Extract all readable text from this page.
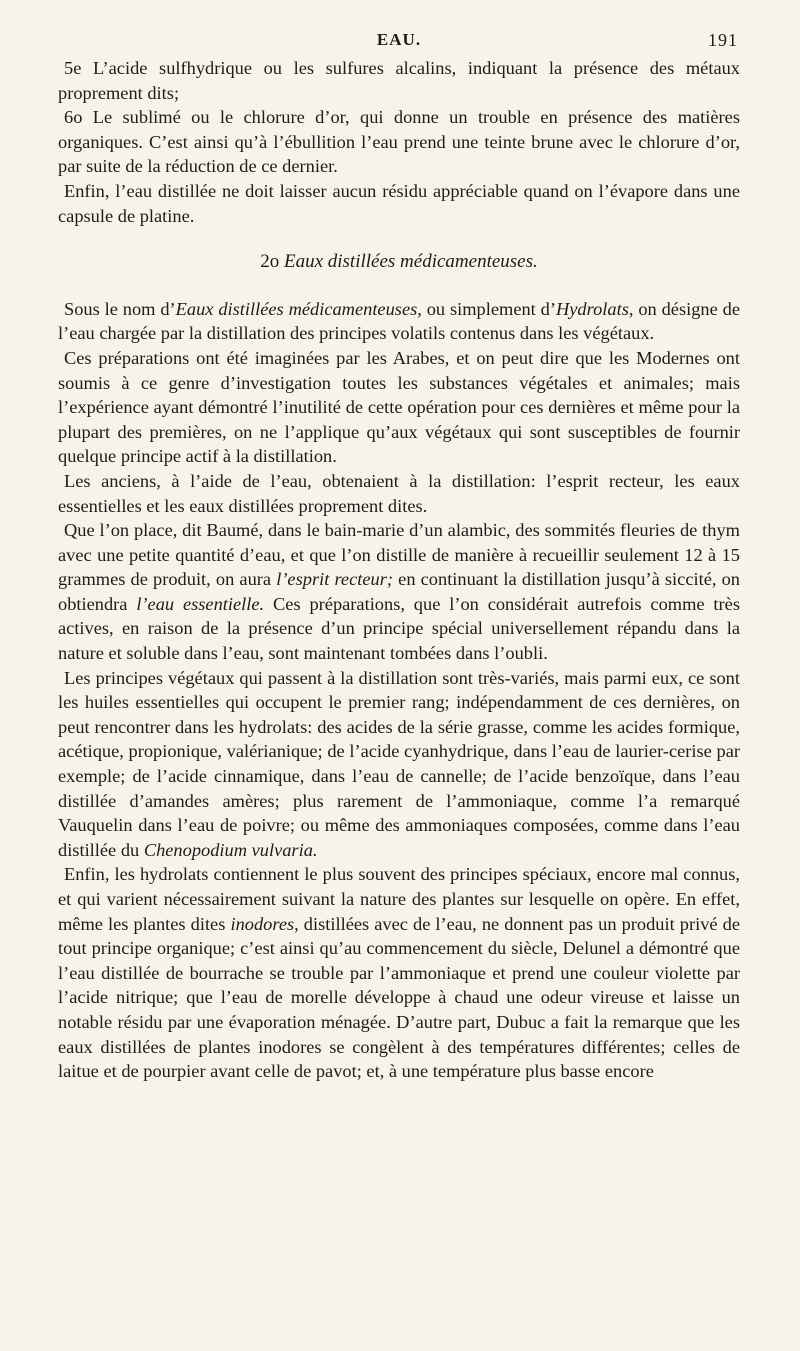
EAU.	191

5e L’acide sulfhydrique ou les sulfures alcalins, indiquant la présence des métaux proprement dits;

6o Le sublimé ou le chlorure d’or, qui donne un trouble en présence des matières organiques. C’est ainsi qu’à l’ébullition l’eau prend une teinte brune avec le chlorure d’or, par suite de la réduction de ce dernier.

Enfin, l’eau distillée ne doit laisser aucun résidu appréciable quand on l’évapore dans une capsule de platine.

2o Eaux distillées médicamenteuses.

Sous le nom d’Eaux distillées médicamenteuses, ou simplement d’Hydrolats, on désigne de l’eau chargée par la distillation des principes volatils contenus dans les végétaux.

Ces préparations ont été imaginées par les Arabes, et on peut dire que les Modernes ont soumis à ce genre d’investigation toutes les substances végétales et animales; mais l’expérience ayant démontré l’inutilité de cette opération pour ces dernières et même pour la plupart des premières, on ne l’applique qu’aux végétaux qui sont susceptibles de fournir quelque principe actif à la distillation.

Les anciens, à l’aide de l’eau, obtenaient à la distillation: l’esprit recteur, les eaux essentielles et les eaux distillées proprement dites.

Que l’on place, dit Baumé, dans le bain-marie d’un alambic, des sommités fleuries de thym avec une petite quantité d’eau, et que l’on distille de manière à recueillir seulement 12 à 15 grammes de produit, on aura l’esprit recteur; en continuant la distillation jusqu’à siccité, on obtiendra l’eau essentielle. Ces préparations, que l’on considérait autrefois comme très actives, en raison de la présence d’un principe spécial universellement répandu dans la nature et soluble dans l’eau, sont maintenant tombées dans l’oubli.

Les principes végétaux qui passent à la distillation sont très-variés, mais parmi eux, ce sont les huiles essentielles qui occupent le premier rang; indépendamment de ces dernières, on peut rencontrer dans les hydrolats: des acides de la série grasse, comme les acides formique, acétique, propionique, valérianique; de l’acide cyanhydrique, dans l’eau de laurier-cerise par exemple; de l’acide cinnamique, dans l’eau de cannelle; de l’acide benzoïque, dans l’eau distillée d’amandes amères; plus rarement de l’ammoniaque, comme l’a remarqué Vauquelin dans l’eau de poivre; ou même des ammoniaques composées, comme dans l’eau distillée du Chenopodium vulvaria.

Enfin, les hydrolats contiennent le plus souvent des principes spéciaux, encore mal connus, et qui varient nécessairement suivant la nature des plantes sur lesquelle on opère. En effet, même les plantes dites inodores, distillées avec de l’eau, ne donnent pas un produit privé de tout principe organique; c’est ainsi qu’au commencement du siècle, Delunel a démontré que l’eau distillée de bourrache se trouble par l’ammoniaque et prend une couleur violette par l’acide nitrique; que l’eau de morelle développe à chaud une odeur vireuse et laisse un notable résidu par une évaporation ménagée. D’autre part, Dubuc a fait la remarque que les eaux distillées de plantes inodores se congèlent à des températures différentes; celles de laitue et de pourpier avant celle de pavot; et, à une température plus basse encore
